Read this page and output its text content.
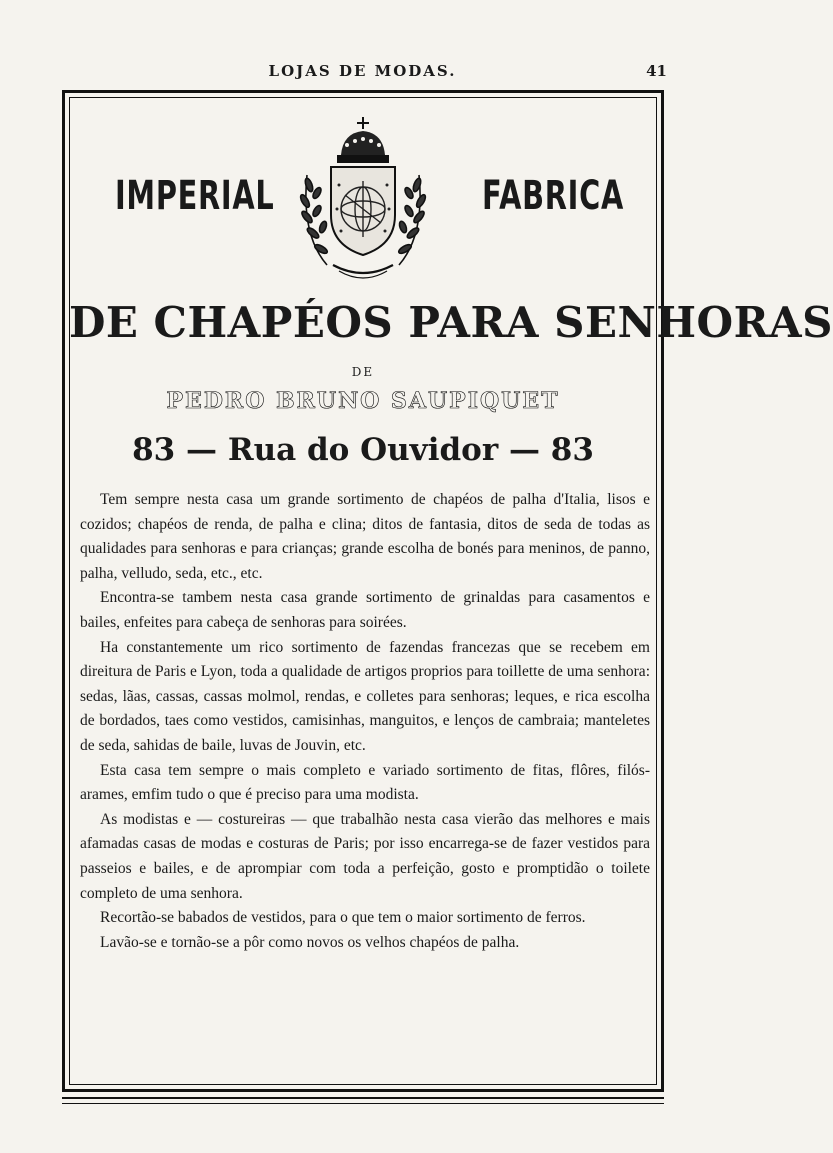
LOJAS DE MODAS.	41
IMPERIAL	FABRICA
DE CHAPÉOS PARA SENHORAS
DE
PEDRO BRUNO SAUPIQUET
83 — Rua do Ouvidor — 83

Tem sempre nesta casa um grande sortimento de chapéos de palha d'Italia, lisos e cozidos; chapéos de renda, de palha e clina; ditos de fantasia, ditos de seda de todas as qualidades para senhoras e para crianças; grande escolha de bonés para meninos, de panno, palha, velludo, seda, etc., etc.

Encontra-se tambem nesta casa grande sortimento de grinaldas para casamentos e bailes, enfeites para cabeça de senhoras para soirées.

Ha constantemente um rico sortimento de fazendas francezas que se recebem em direitura de Paris e Lyon, toda a qualidade de artigos proprios para toillette de uma senhora: sedas, lãas, cassas, cassas molmol, rendas, e colletes para senhoras; leques, e rica escolha de bordados, taes como vestidos, camisinhas, manguitos, e lenços de cambraia; manteletes de seda, sahidas de baile, luvas de Jouvin, etc.

Esta casa tem sempre o mais completo e variado sortimento de fitas, flôres, filós-arames, emfim tudo o que é preciso para uma modista.

As modistas e — costureiras — que trabalhão nesta casa vierão das melhores e mais afamadas casas de modas e costuras de Paris; por isso encarrega-se de fazer vestidos para passeios e bailes, e de aprompiar com toda a perfeição, gosto e promptidão o toilete completo de uma senhora.

Recortão-se babados de vestidos, para o que tem o maior sortimento de ferros.

Lavão-se e tornão-se a pôr como novos os velhos chapéos de palha.
